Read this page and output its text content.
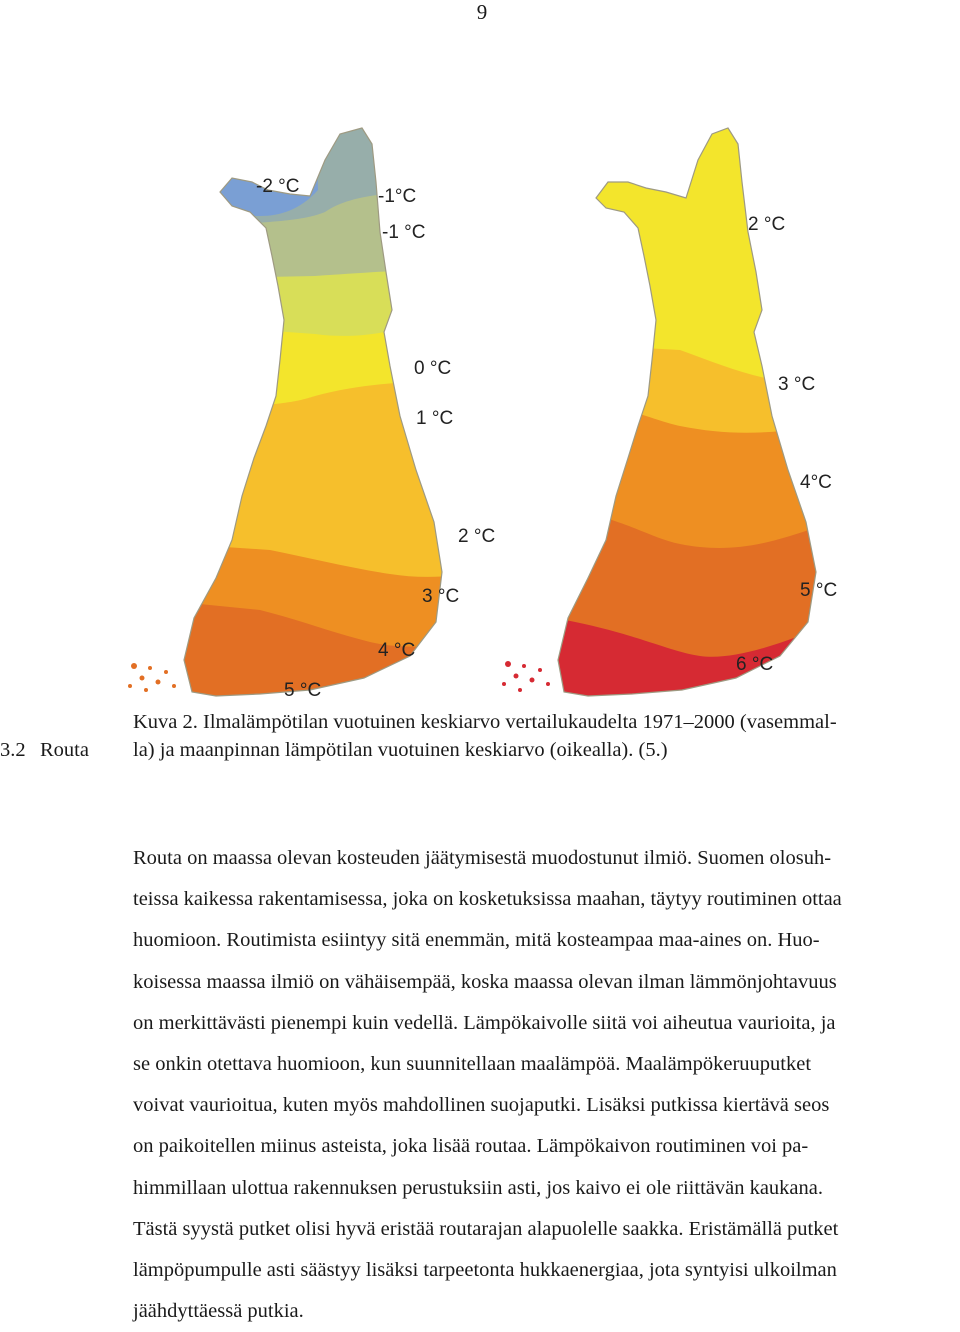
9
-2 °C	-1°C
-1 °C
0 °C
1 °C
2 °C
3 °C
4 °C
5 °C
2 °C
3 °C
4°C
5 °C
6 °C
Kuva 2. Ilmalämpötilan vuotuinen keskiarvo vertailukaudelta 1971–2000 (vasemmal-
la) ja maanpinnan lämpötilan vuotuinen keskiarvo (oikealla). (5.)
3.2 Routa
Routa on maassa olevan kosteuden jäätymisestä muodostunut ilmiö. Suomen olosuh-
teissa kaikessa rakentamisessa, joka on kosketuksissa maahan, täytyy routiminen ottaa
huomioon. Routimista esiintyy sitä enemmän, mitä kosteampaa maa-aines on. Huo-
koisessa maassa ilmiö on vähäisempää, koska maassa olevan ilman lämmönjohtavuus
on merkittävästi pienempi kuin vedellä. Lämpökaivolle siitä voi aiheutua vaurioita, ja
se onkin otettava huomioon, kun suunnitellaan maalämpöä. Maalämpökeruuputket
voivat vaurioitua, kuten myös mahdollinen suojaputki. Lisäksi putkissa kiertävä seos
on paikoitellen miinus asteista, joka lisää routaa. Lämpökaivon routiminen voi pa-
himmillaan ulottua rakennuksen perustuksiin asti, jos kaivo ei ole riittävän kaukana.
Tästä syystä putket olisi hyvä eristää routarajan alapuolelle saakka. Eristämällä putket
lämpöpumpulle asti säästyy lisäksi tarpeetonta hukkaenergiaa, jota syntyisi ulkoilman
jäähdyttäessä putkia.
